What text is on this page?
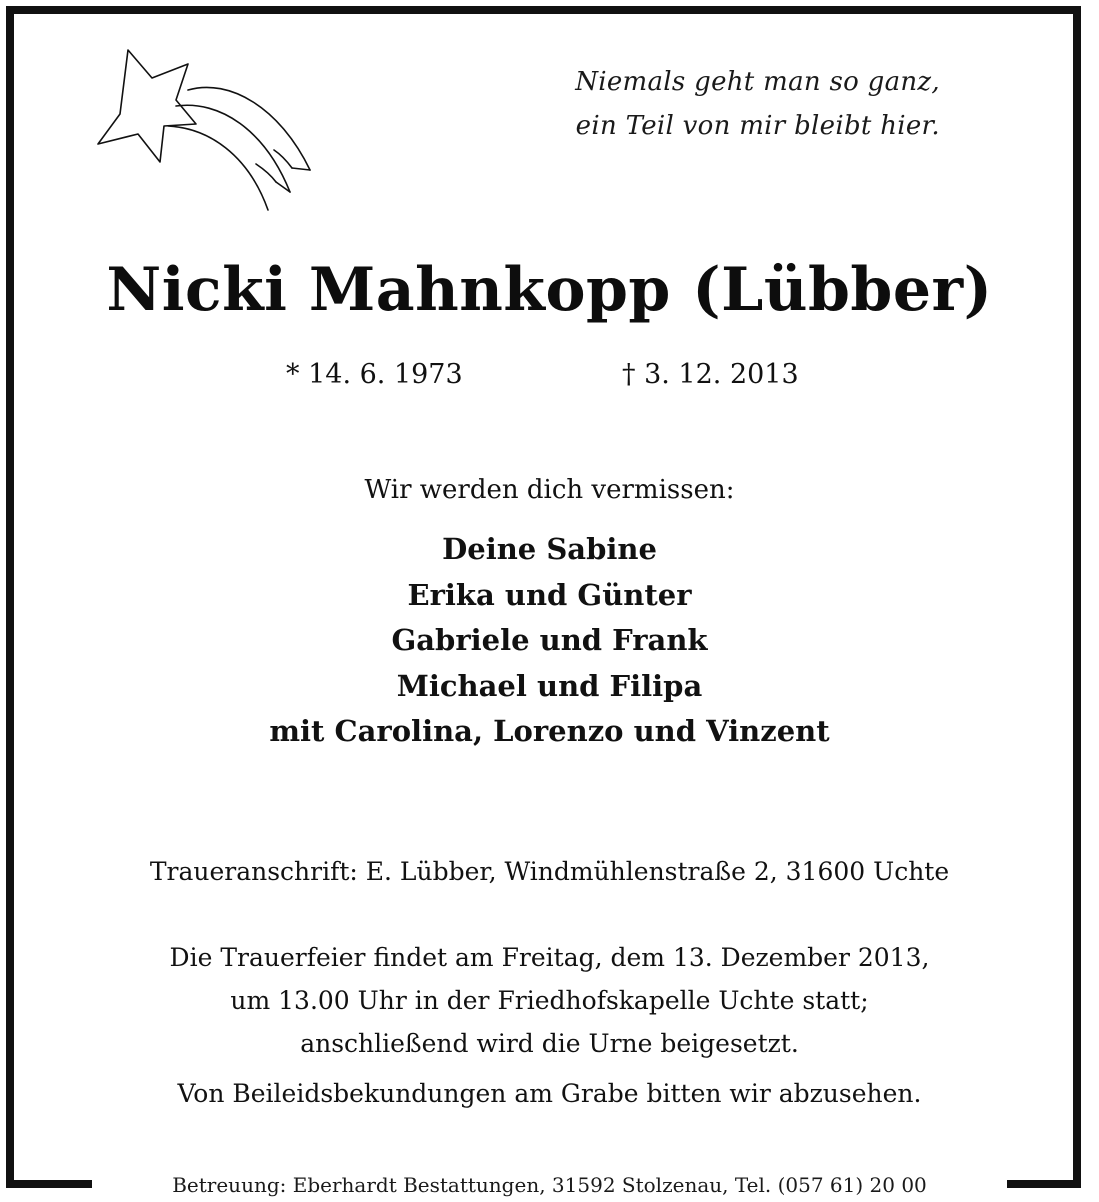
Niemals geht man so ganz,
ein Teil von mir bleibt hier.
Nicki Mahnkopp (Lübber)
* 14. 6. 1973	† 3. 12. 2013
Wir werden dich vermissen:
Deine Sabine
Erika und Günter
Gabriele und Frank
Michael und Filipa
mit Carolina, Lorenzo und Vinzent
Traueranschrift: E. Lübber, Windmühlenstraße 2, 31600 Uchte
Die Trauerfeier findet am Freitag, dem 13. Dezember 2013,
um 13.00 Uhr in der Friedhofskapelle Uchte statt;
anschließend wird die Urne beigesetzt.
Von Beileidsbekundungen am Grabe bitten wir abzusehen.
Betreuung: Eberhardt Bestattungen, 31592 Stolzenau, Tel. (057 61) 20 00
